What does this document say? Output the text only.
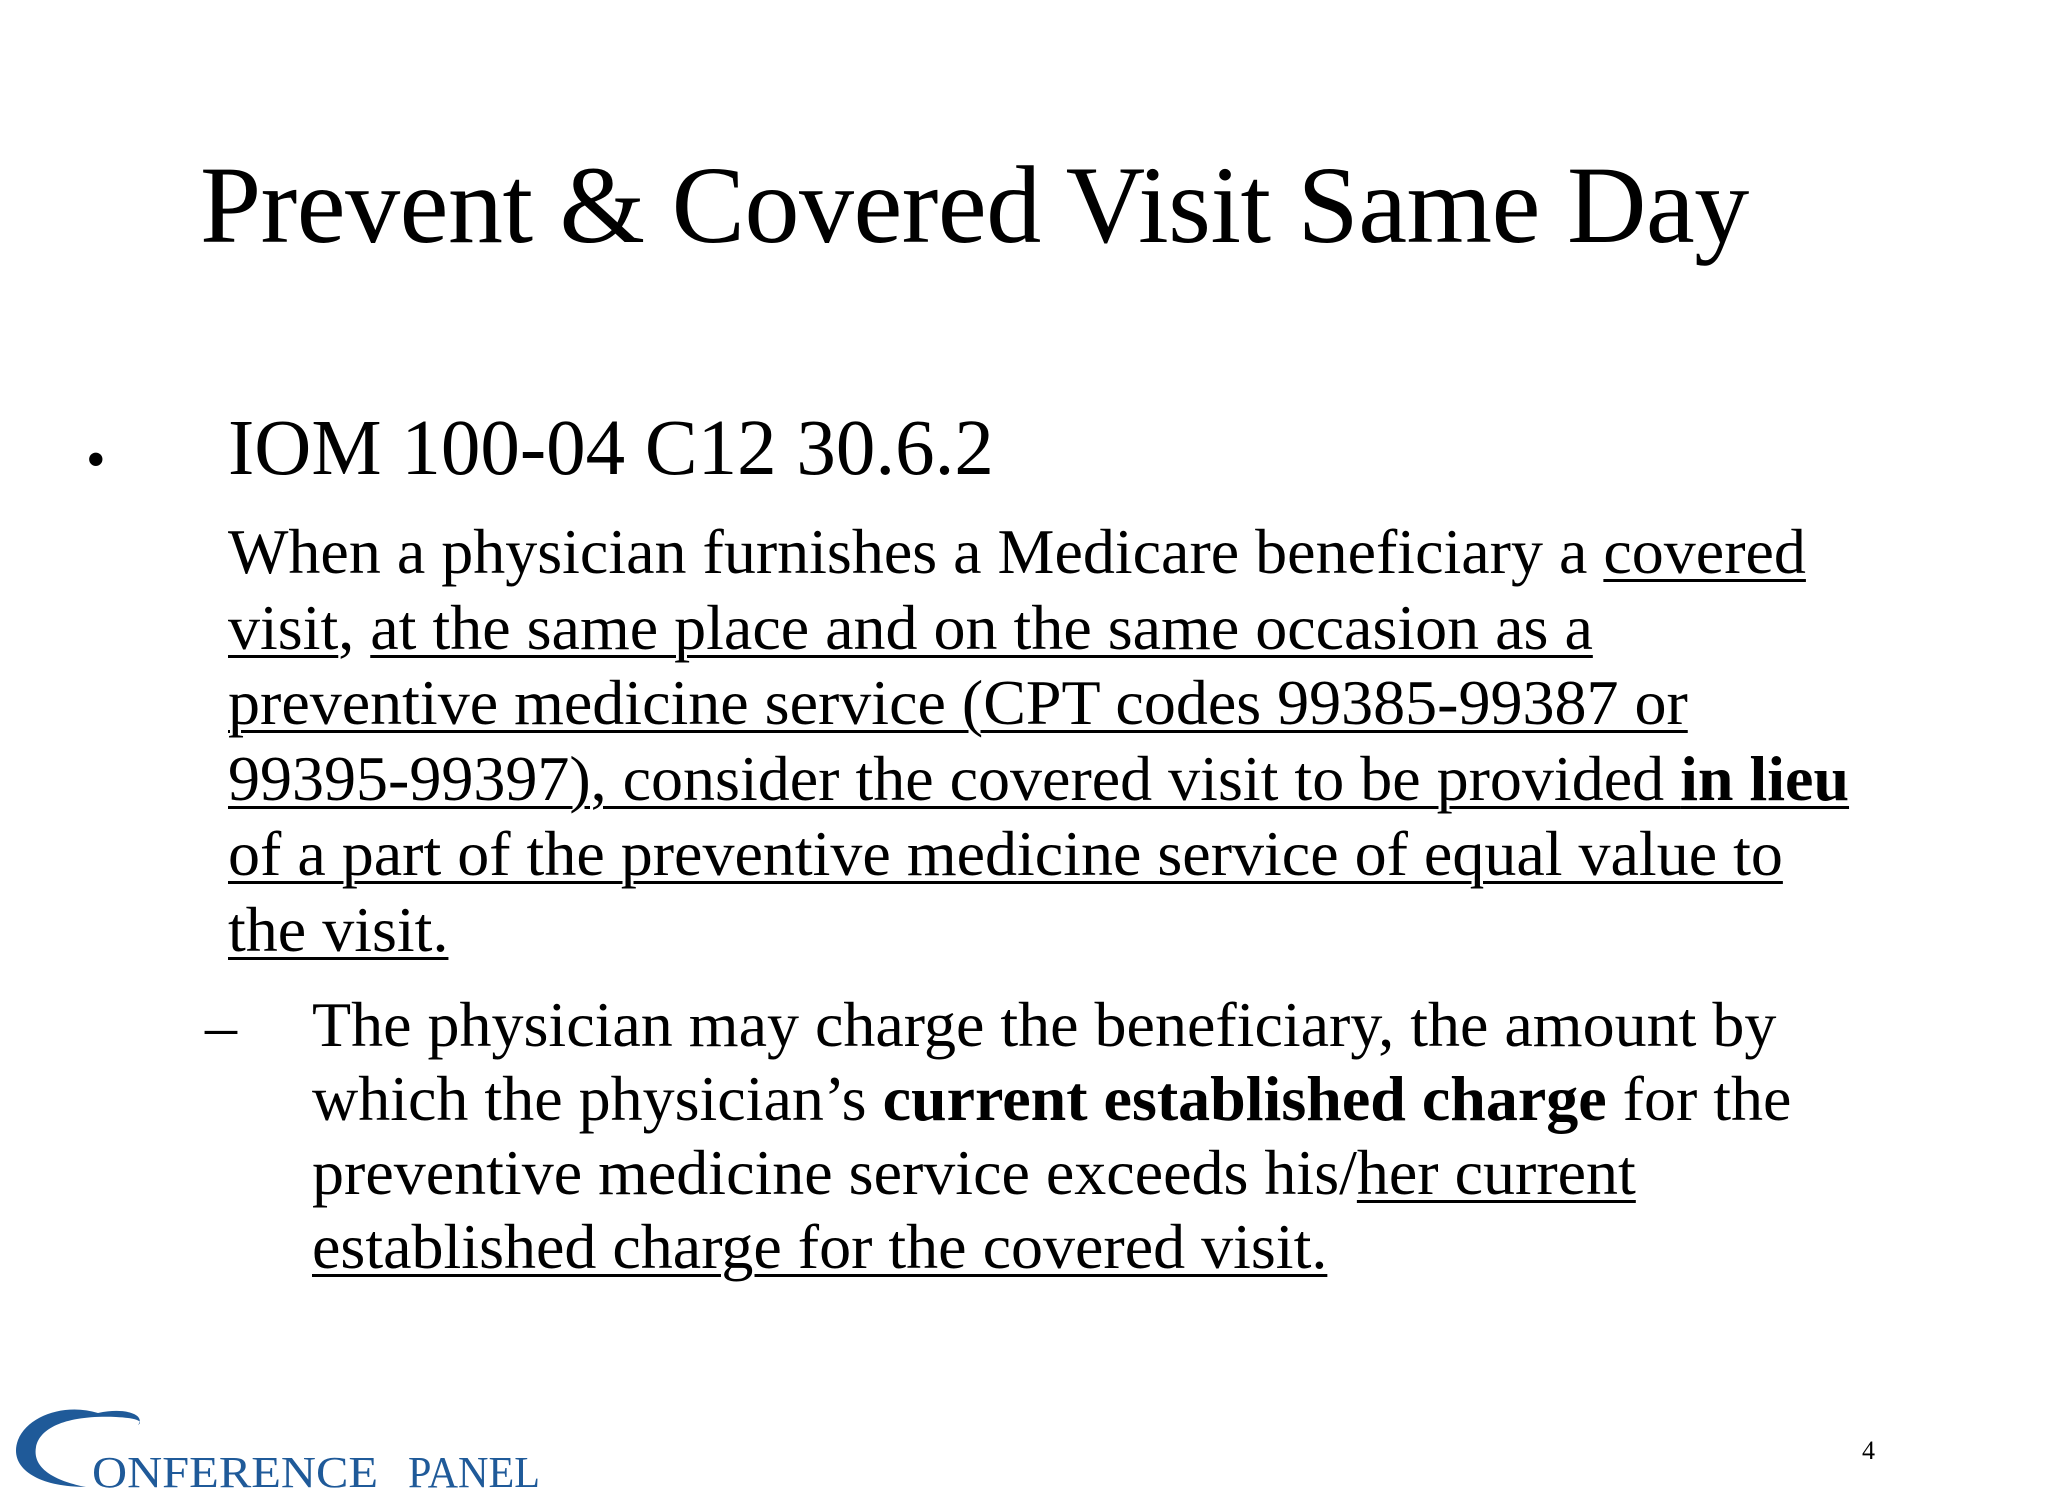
Prevent & Covered Visit Same Day
• IOM 100-04 C12 30.6.2
When a physician furnishes a Medicare beneficiary a covered
visit, at the same place and on the same occasion as a
preventive medicine service (CPT codes 99385-99387 or
99395-99397), consider the covered visit to be provided in lieu
of a part of the preventive medicine service of equal value to
the visit.
– The physician may charge the beneficiary, the amount by
which the physician’s current established charge for the
preventive medicine service exceeds his/her current
established charge for the covered visit.
ONFERENCE PANEL	4
